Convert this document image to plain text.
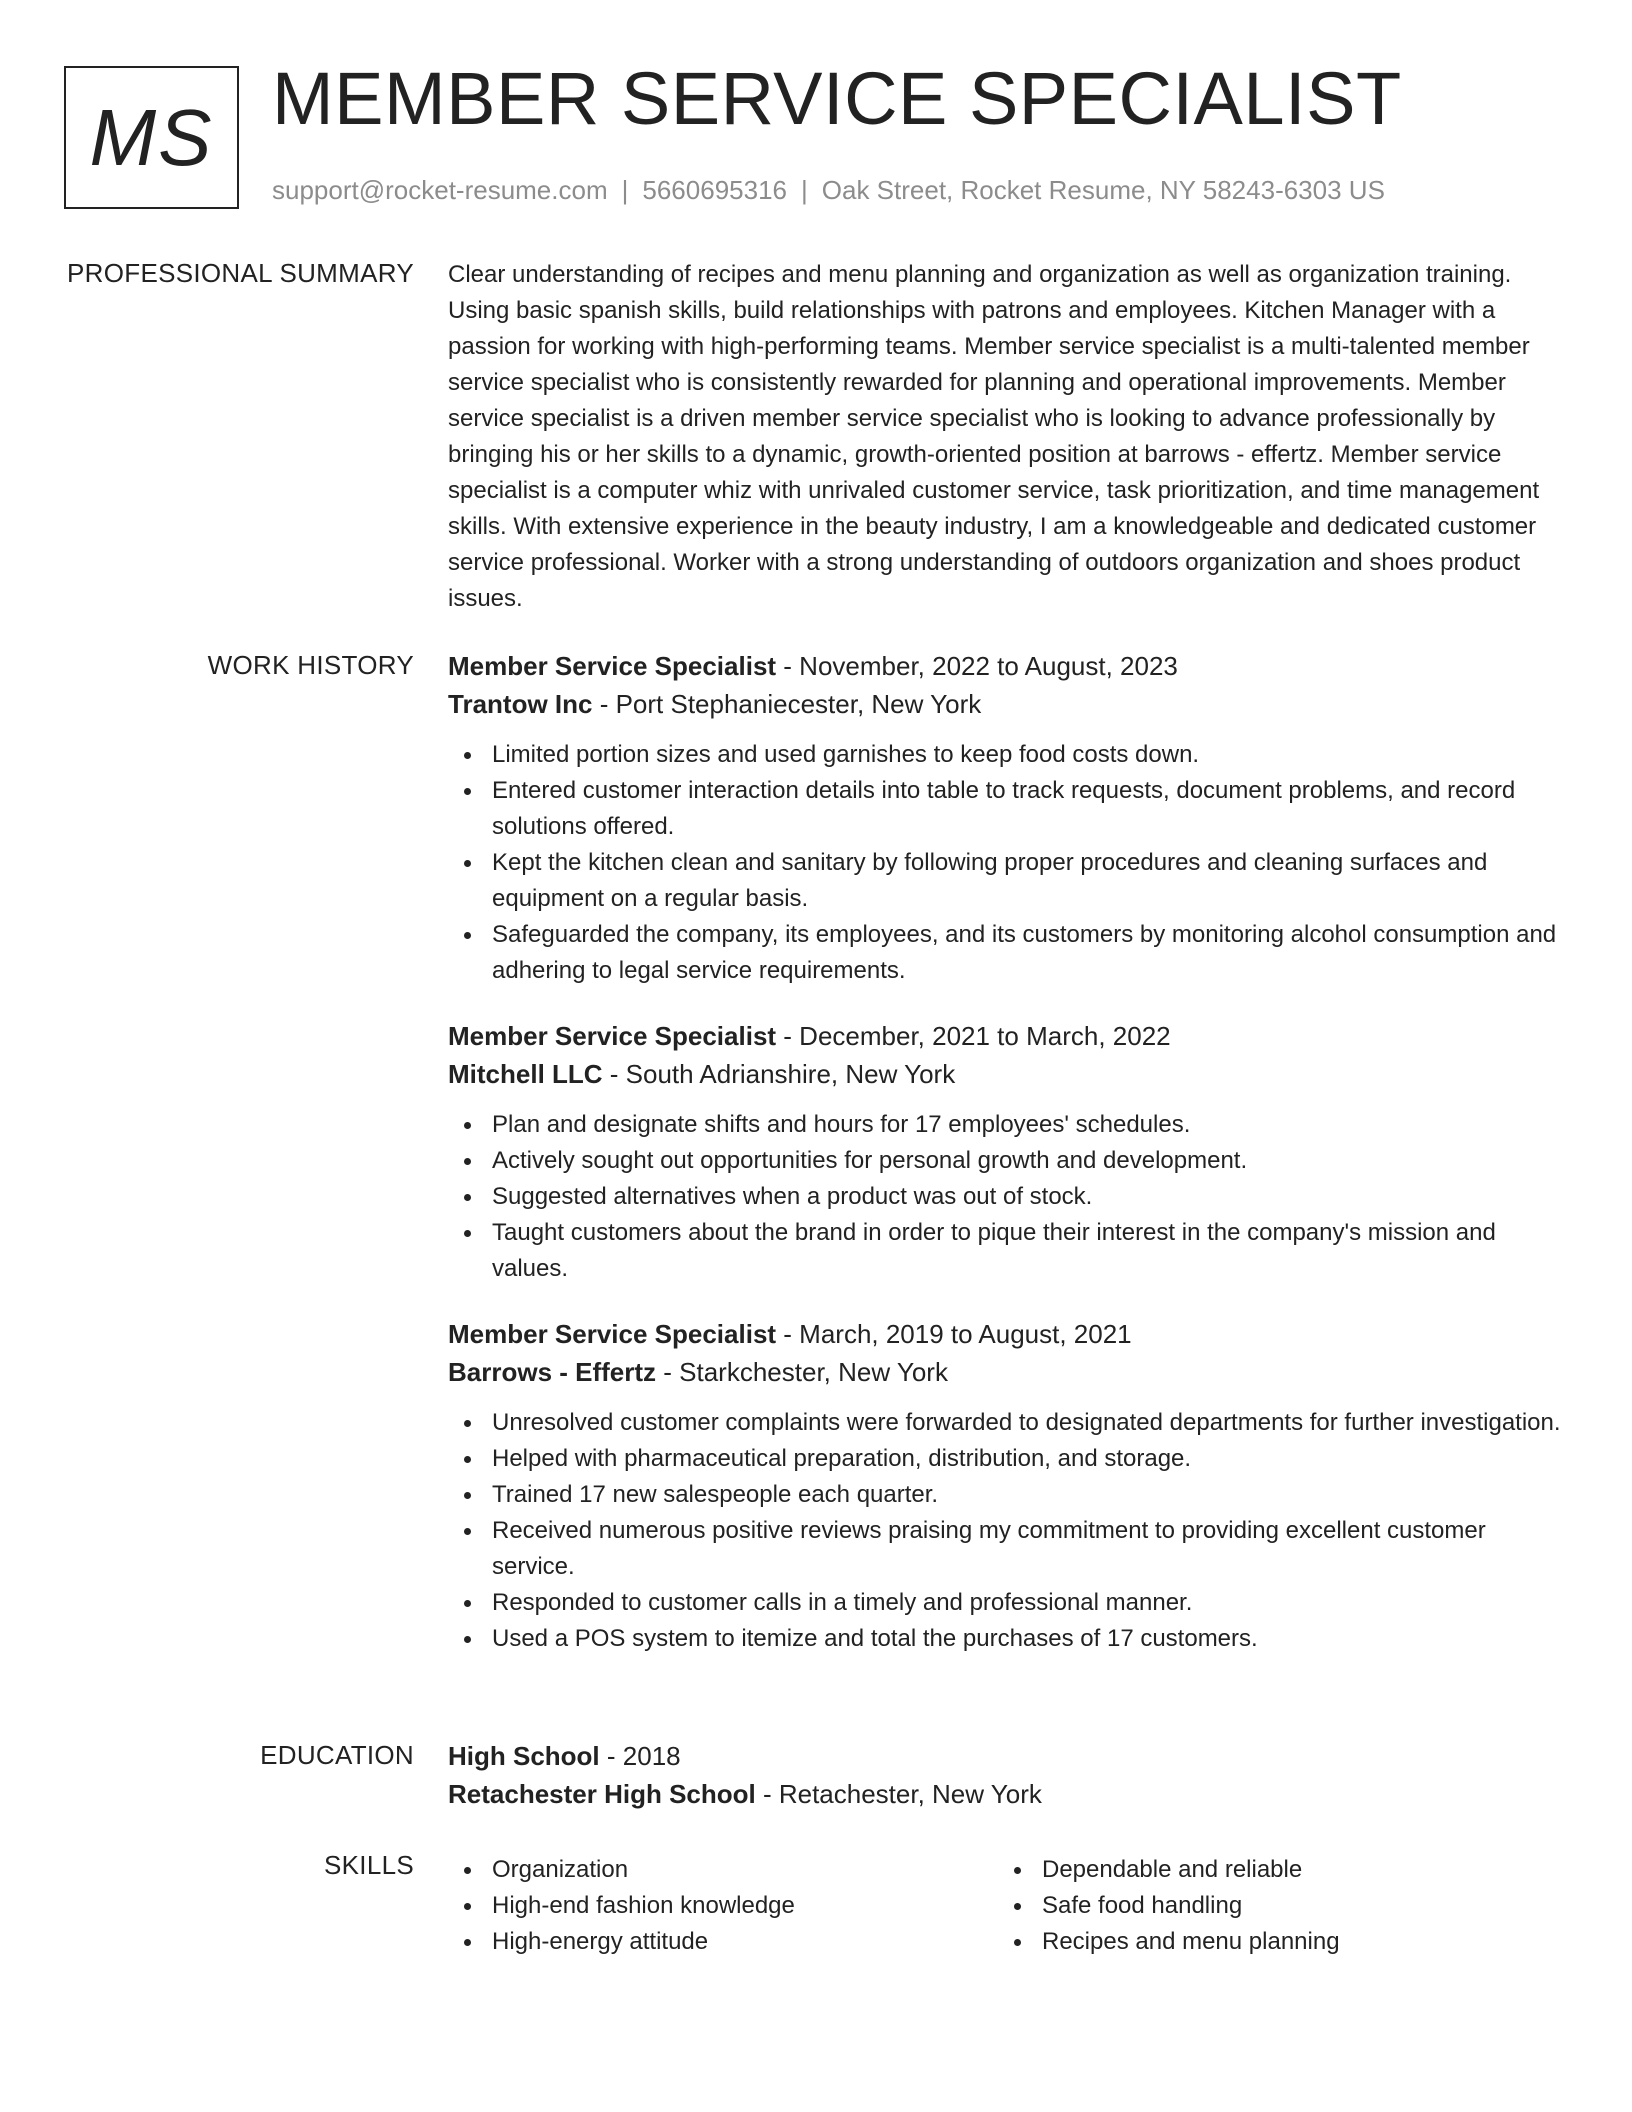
MS MEMBER SERVICE SPECIALIST
support@rocket-resume.com | 5660695316 | Oak Street, Rocket Resume, NY 58243-6303 US
PROFESSIONAL SUMMARY Clear understanding of recipes and menu planning and organization as well as organization training. Using basic spanish skills, build relationships with patrons and employees. Kitchen Manager with a passion for working with high-performing teams. Member service specialist is a multi-talented member service specialist who is consistently rewarded for planning and operational improvements. Member service specialist is a driven member service specialist who is looking to advance professionally by bringing his or her skills to a dynamic, growth-oriented position at barrows - effertz. Member service specialist is a computer whiz with unrivaled customer service, task prioritization, and time management skills. With extensive experience in the beauty industry, I am a knowledgeable and dedicated customer service professional. Worker with a strong understanding of outdoors organization and shoes product issues.

WORK HISTORY Member Service Specialist - November, 2022 to August, 2023
Trantow Inc - Port Stephaniecester, New York
Limited portion sizes and used garnishes to keep food costs down.
Entered customer interaction details into table to track requests, document problems, and record solutions offered.
Kept the kitchen clean and sanitary by following proper procedures and cleaning surfaces and equipment on a regular basis.
Safeguarded the company, its employees, and its customers by monitoring alcohol consumption and adhering to legal service requirements.
Member Service Specialist - December, 2021 to March, 2022
Mitchell LLC - South Adrianshire, New York
Plan and designate shifts and hours for 17 employees' schedules.
Actively sought out opportunities for personal growth and development.
Suggested alternatives when a product was out of stock.
Taught customers about the brand in order to pique their interest in the company's mission and values.
Member Service Specialist - March, 2019 to August, 2021
Barrows - Effertz - Starkchester, New York
Unresolved customer complaints were forwarded to designated departments for further investigation.
Helped with pharmaceutical preparation, distribution, and storage.
Trained 17 new salespeople each quarter.
Received numerous positive reviews praising my commitment to providing excellent customer service.
Responded to customer calls in a timely and professional manner.
Used a POS system to itemize and total the purchases of 17 customers.
EDUCATION High School - 2018
Retachester High School - Retachester, New York
SKILLS	Organization
High-end fashion knowledge
High-energy attitude
Dependable and reliable
Safe food handling
Recipes and menu planning
